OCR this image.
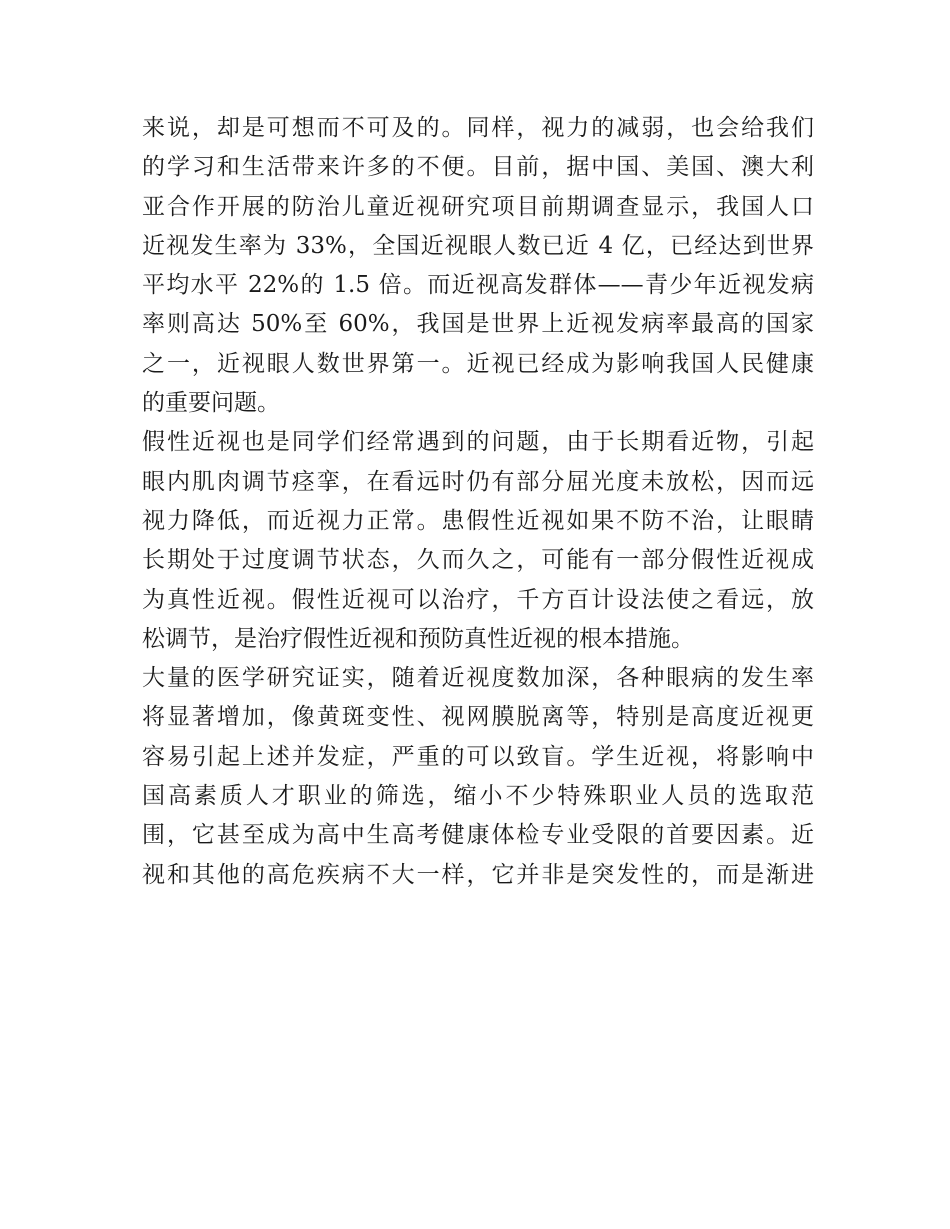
来说，却是可想而不可及的。同样，视力的减弱，也会给我们
的学习和生活带来许多的不便。目前，据中国、美国、澳大利
亚合作开展的防治儿童近视研究项目前期调查显示，我国人口
近视发生率为 33%，全国近视眼人数已近 4 亿，已经达到世界
平均水平 22%的 1.5 倍。而近视高发群体——青少年近视发病
率则高达 50%至 60%，我国是世界上近视发病率最高的国家
之一，近视眼人数世界第一。近视已经成为影响我国人民健康
的重要问题。
假性近视也是同学们经常遇到的问题，由于长期看近物，引起
眼内肌肉调节痉挛，在看远时仍有部分屈光度未放松，因而远
视力降低，而近视力正常。患假性近视如果不防不治，让眼睛
长期处于过度调节状态，久而久之，可能有一部分假性近视成
为真性近视。假性近视可以治疗，千方百计设法使之看远，放
松调节，是治疗假性近视和预防真性近视的根本措施。
大量的医学研究证实，随着近视度数加深，各种眼病的发生率
将显著增加，像黄斑变性、视网膜脱离等，特别是高度近视更
容易引起上述并发症，严重的可以致盲。学生近视，将影响中
国高素质人才职业的筛选，缩小不少特殊职业人员的选取范
围，它甚至成为高中生高考健康体检专业受限的首要因素。近
视和其他的高危疾病不大一样，它并非是突发性的，而是渐进
